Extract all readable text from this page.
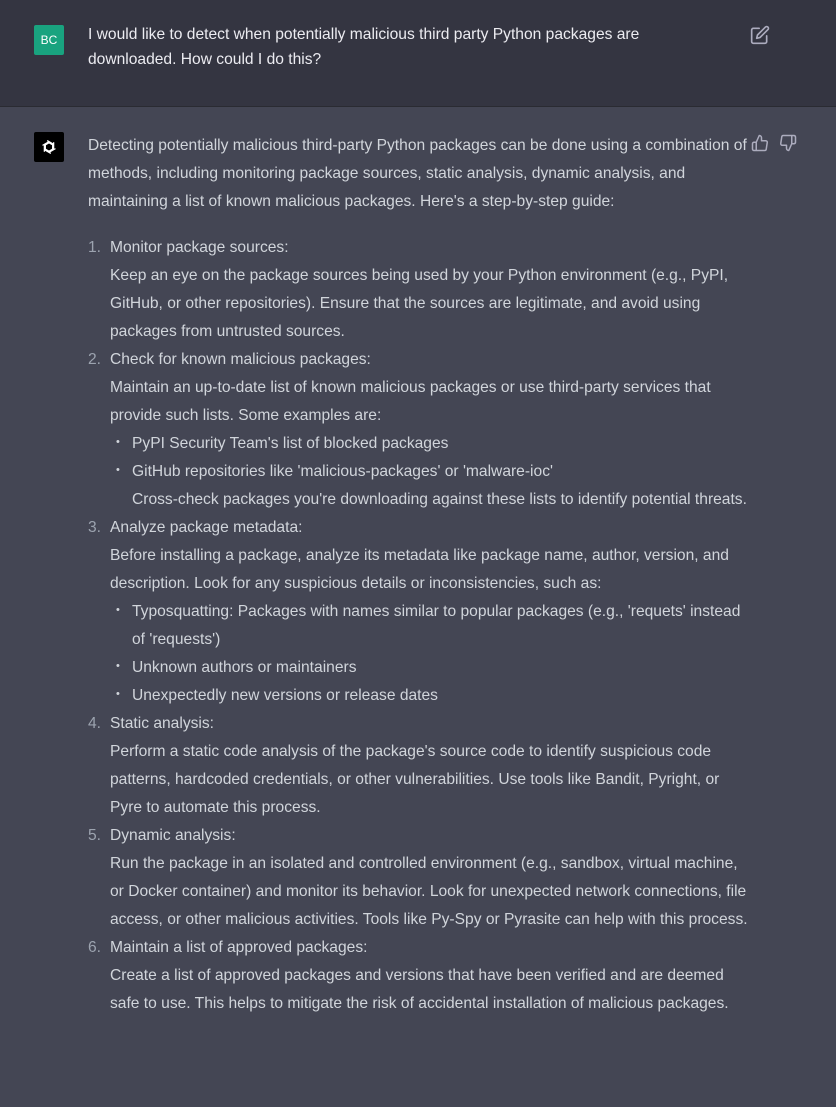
BC	I would like to detect when potentially malicious third party Python packages are downloaded. How could I do this?

Detecting potentially malicious third-party Python packages can be done using a combination of methods, including monitoring package sources, static analysis, dynamic analysis, and maintaining a list of known malicious packages. Here's a step-by-step guide:

1. Monitor package sources:
Keep an eye on the package sources being used by your Python environment (e.g., PyPI, GitHub, or other repositories). Ensure that the sources are legitimate, and avoid using packages from untrusted sources.
2. Check for known malicious packages:
Maintain an up-to-date list of known malicious packages or use third-party services that provide such lists. Some examples are:
• PyPI Security Team's list of blocked packages
• GitHub repositories like 'malicious-packages' or 'malware-ioc'
Cross-check packages you're downloading against these lists to identify potential threats.
3. Analyze package metadata:
Before installing a package, analyze its metadata like package name, author, version, and description. Look for any suspicious details or inconsistencies, such as:
• Typosquatting: Packages with names similar to popular packages (e.g., 'requets' instead of 'requests')
• Unknown authors or maintainers
• Unexpectedly new versions or release dates
4. Static analysis:
Perform a static code analysis of the package's source code to identify suspicious code patterns, hardcoded credentials, or other vulnerabilities. Use tools like Bandit, Pyright, or Pyre to automate this process.
5. Dynamic analysis:
Run the package in an isolated and controlled environment (e.g., sandbox, virtual machine, or Docker container) and monitor its behavior. Look for unexpected network connections, file access, or other malicious activities. Tools like Py-Spy or Pyrasite can help with this process.
6. Maintain a list of approved packages:
Create a list of approved packages and versions that have been verified and are deemed safe to use. This helps to mitigate the risk of accidental installation of malicious packages.
